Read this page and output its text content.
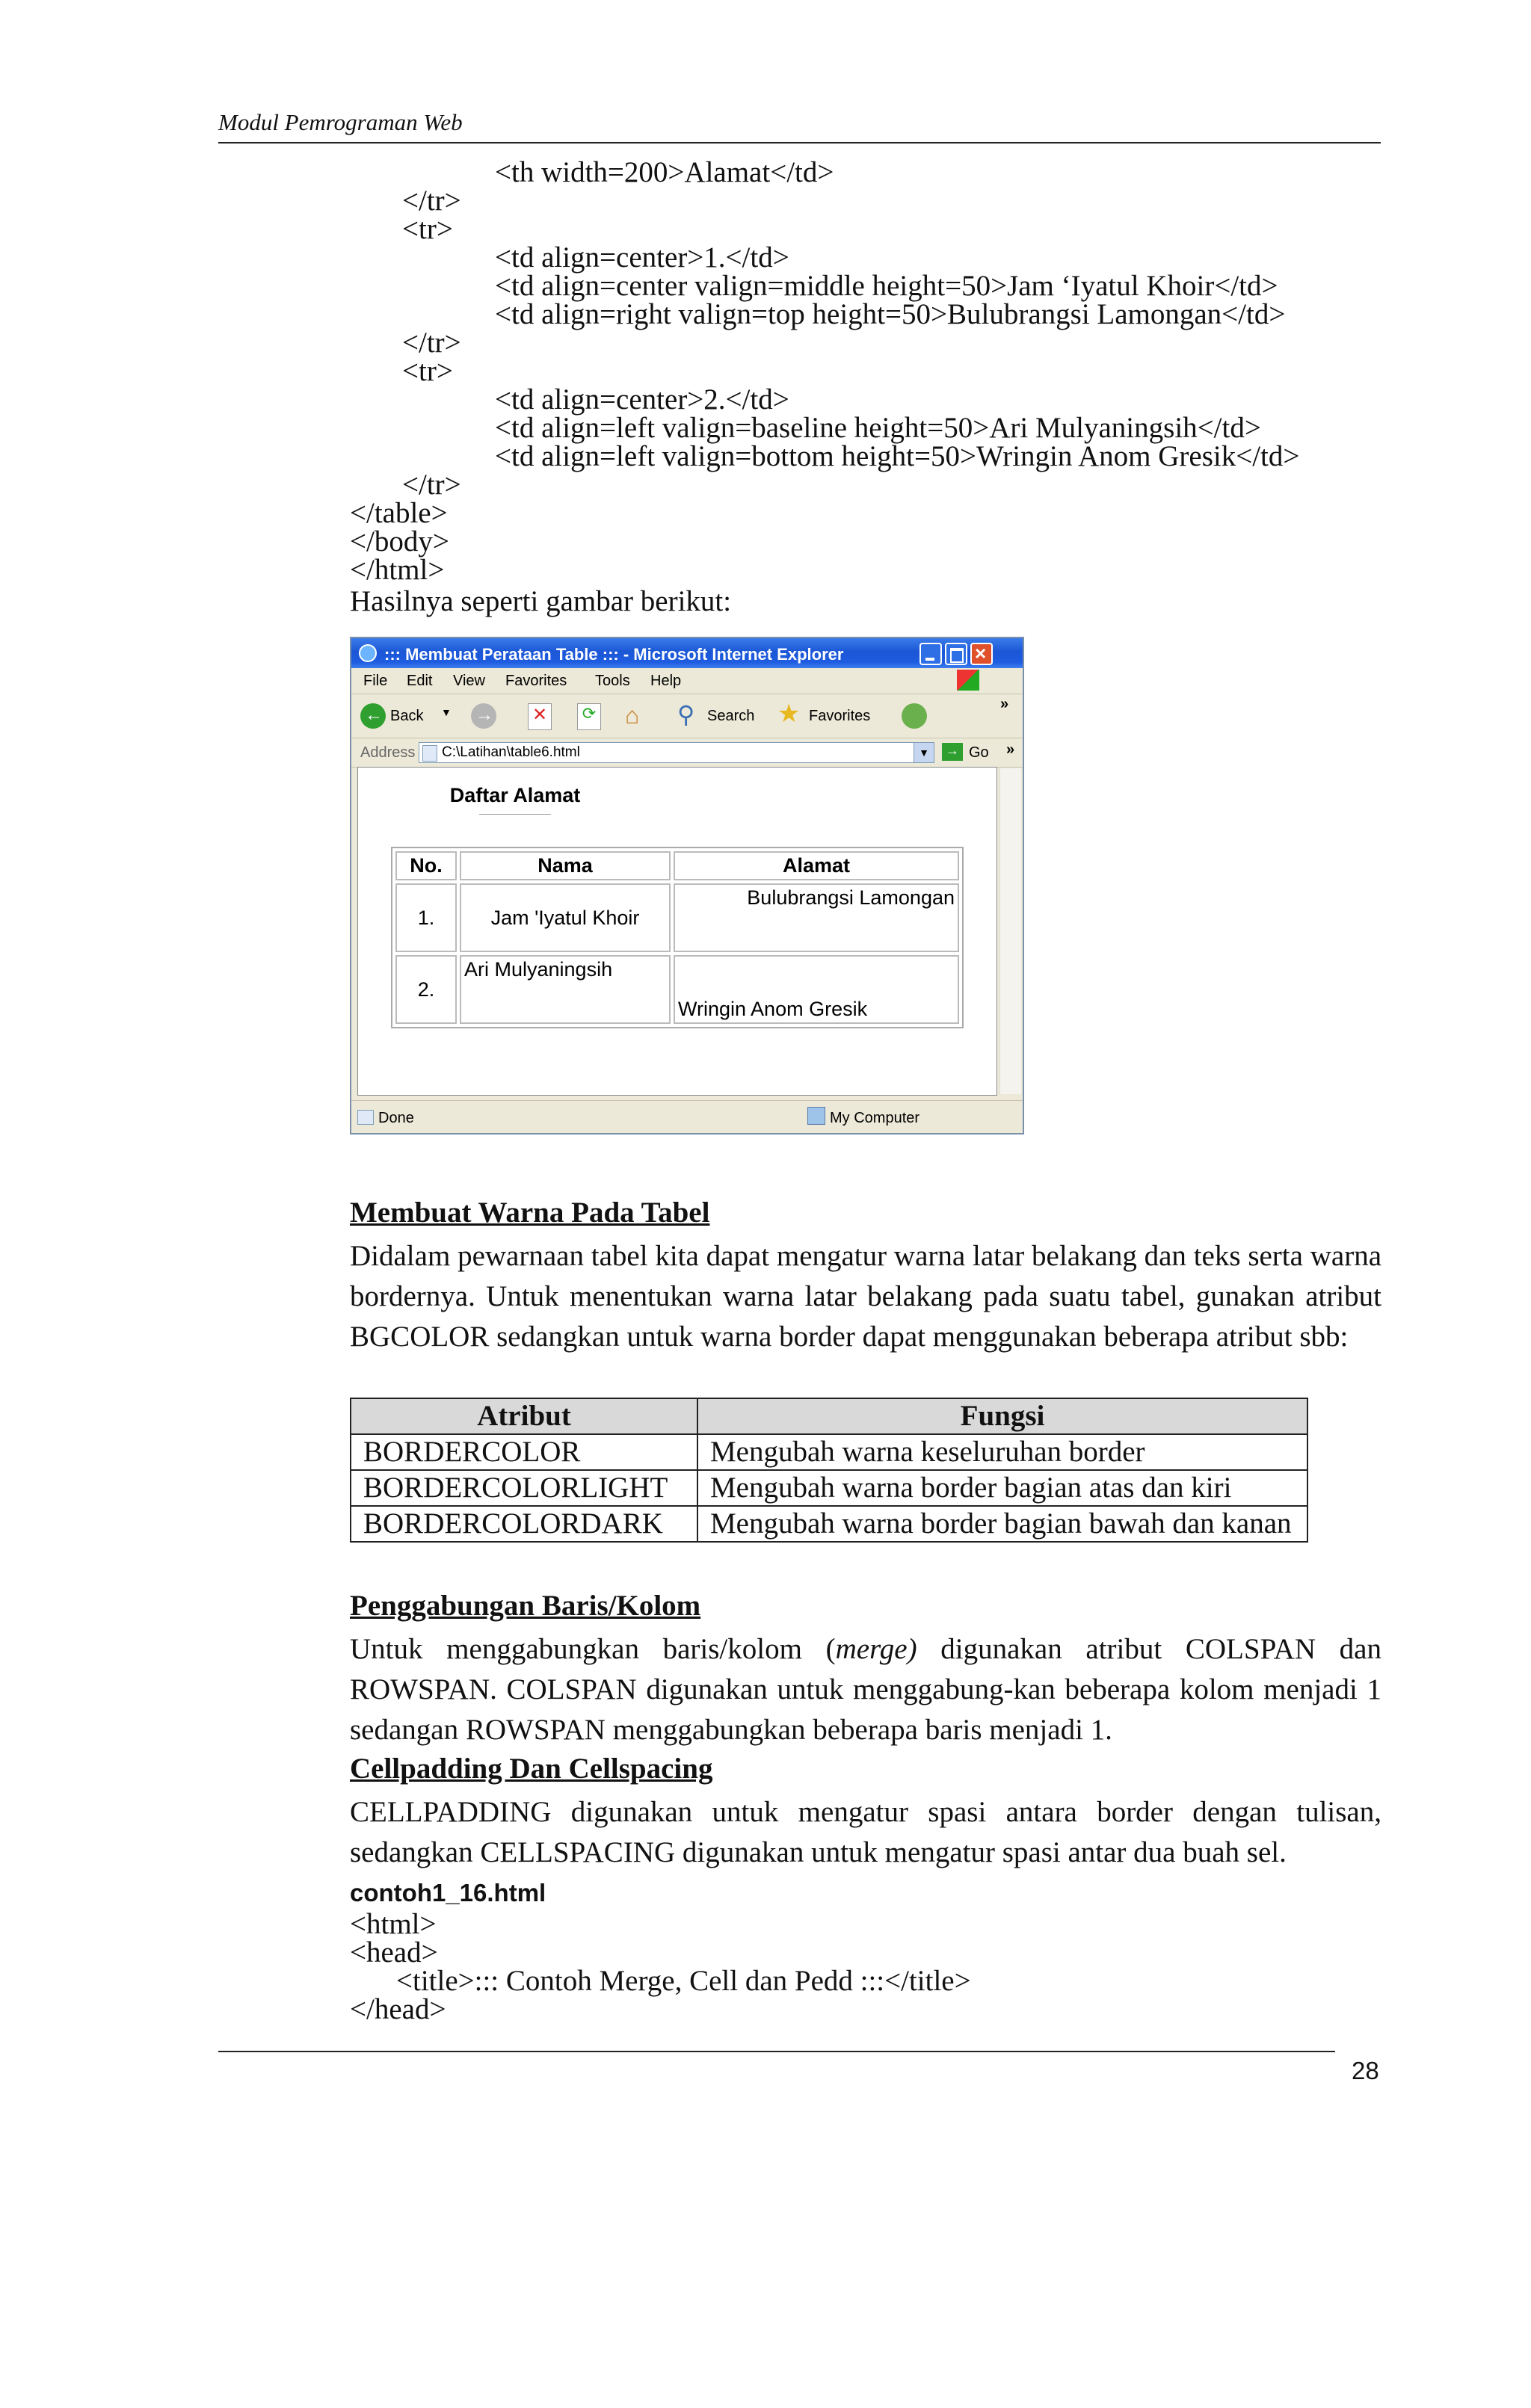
Modul Pemrograman Web
<th width=200>Alamat</td>
</tr>
<tr>
<td align=center>1.</td>
<td align=center valign=middle height=50>Jam ‘Iyatul Khoir</td>
<td align=right valign=top height=50>Bulubrangsi Lamongan</td>
</tr>
<tr>
<td align=center>2.</td>
<td align=left valign=baseline height=50>Ari Mulyaningsih</td>
<td align=left valign=bottom height=50>Wringin Anom Gresik</td>
</tr>
</table>
</body>
</html>
Hasilnya seperti gambar berikut:
::: Membuat Perataan Table ::: - Microsoft Internet Explorer	×
File Edit View Favorites Tools Help
← Back ▼ → ✕	⟳ ⌂ ⚲ Search ★ Favorites
»
Address C:\Latihan\table6.html	▼	→ Go »
Daftar Alamat
No.	Nama	Alamat
1.	Jam 'Iyatul Khoir	Bulubrangsi Lamongan
2.	Ari Mulyaningsih	Wringin Anom Gresik
Done	My Computer
Membuat Warna Pada Tabel
Didalam pewarnaan tabel kita dapat mengatur warna latar belakang dan teks serta warna bordernya. Untuk menentukan warna latar belakang pada suatu tabel, gunakan atribut BGCOLOR sedangkan untuk warna border dapat menggunakan beberapa atribut sbb:
Atribut	Fungsi
BORDERCOLOR	Mengubah warna keseluruhan border
BORDERCOLORLIGHT	Mengubah warna border bagian atas dan kiri
BORDERCOLORDARK	Mengubah warna border bagian bawah dan kanan
Penggabungan Baris/Kolom
Untuk menggabungkan baris/kolom (merge) digunakan atribut COLSPAN dan ROWSPAN. COLSPAN digunakan untuk menggabung-kan beberapa kolom menjadi 1 sedangan ROWSPAN menggabungkan beberapa baris menjadi 1.
Cellpadding Dan Cellspacing
CELLPADDING digunakan untuk mengatur spasi antara border dengan tulisan, sedangkan CELLSPACING digunakan untuk mengatur spasi antar dua buah sel.
contoh1_16.html
<html>
<head>
<title>::: Contoh Merge, Cell dan Pedd :::</title>
</head>
28
